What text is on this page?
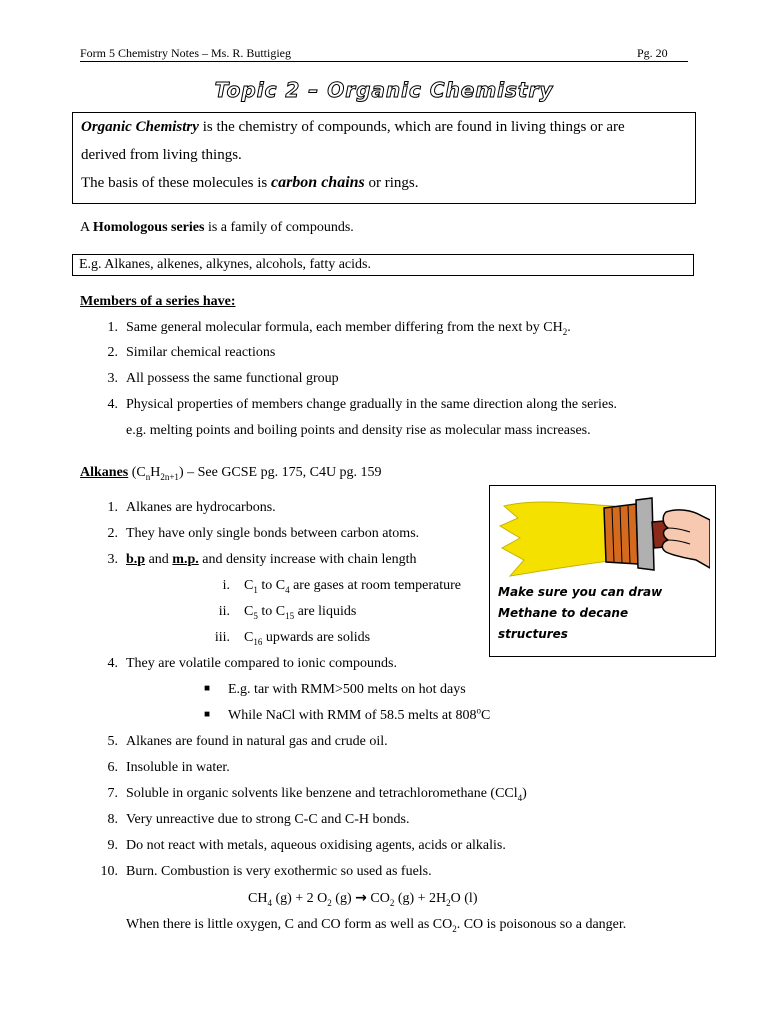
Form 5 Chemistry Notes – Ms. R. Buttigieg	Pg. 20
Topic 2 – Organic Chemistry
Organic Chemistry is the chemistry of compounds, which are found in living things or are
derived from living things.
The basis of these molecules is carbon chains or rings.
A Homologous series is a family of compounds.
E.g. Alkanes, alkenes, alkynes, alcohols, fatty acids.
Members of a series have:
1. Same general molecular formula, each member differing from the next by $CH_2$.
2. Similar chemical reactions
3. All possess the same functional group
4. Physical properties of members change gradually in the same direction along the series.
e.g. melting points and boiling points and density rise as molecular mass increases.
Alkanes $(C_nH_{2n+1})$ – See GCSE pg. 175, C4U pg. 159
1. Alkanes are hydrocarbons.
2. They have only single bonds between carbon atoms.
3. b.p and m.p. and density increase with chain length
i. $C_1$ to $C_4$ are gases at room temperature
ii. $C_5$ to $C_{15}$ are liquids
iii. $C_{16}$ upwards are solids
4. They are volatile compared to ionic compounds.
■ E.g. tar with RMM>500 melts on hot days
■ While NaCl with RMM of 58.5 melts at 808$^o$C
5. Alkanes are found in natural gas and crude oil.
6. Insoluble in water.
7. Soluble in organic solvents like benzene and tetrachloromethane (CCl$_4$)
8. Very unreactive due to strong C-C and C-H bonds.
9. Do not react with metals, aqueous oxidising agents, acids or alkalis.
10. Burn. Combustion is very exothermic so used as fuels.
$CH_4$ (g) + 2 $O_2$ $(g) \to CO_2$ $(g) + 2H_2O$ (l)
When there is little oxygen, C and CO form as well as $CO_2$. CO is poisonous so a danger.
Make sure you can draw
Methane to decane
structures
